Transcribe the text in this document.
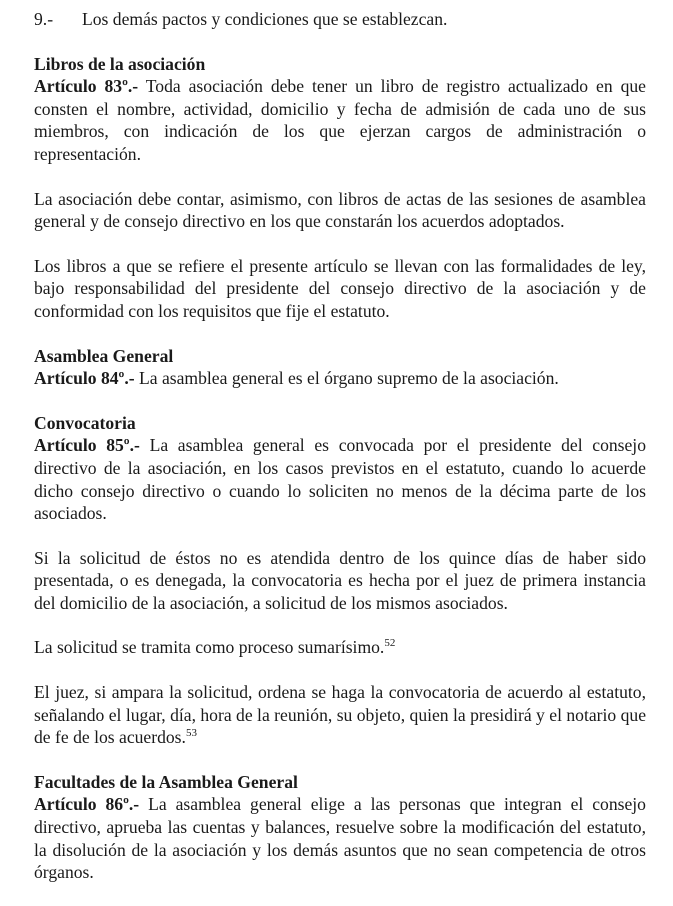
9.-	Los demás pactos y condiciones que se establezcan.
Libros de la asociación

Artículo 83º.- Toda asociación debe tener un libro de registro actualizado en que consten el nombre, actividad, domicilio y fecha de admisión de cada uno de sus miembros, con indicación de los que ejerzan cargos de administración o representación.

La asociación debe contar, asimismo, con libros de actas de las sesiones de asamblea general y de consejo directivo en los que constarán los acuerdos adoptados.

Los libros a que se refiere el presente artículo se llevan con las formalidades de ley, bajo responsabilidad del presidente del consejo directivo de la asociación y de conformidad con los requisitos que fije el estatuto.

Asamblea General

Artículo 84º.- La asamblea general es el órgano supremo de la asociación.

Convocatoria

Artículo 85º.- La asamblea general es convocada por el presidente del consejo directivo de la asociación, en los casos previstos en el estatuto, cuando lo acuerde dicho consejo directivo o cuando lo soliciten no menos de la décima parte de los asociados.

Si la solicitud de éstos no es atendida dentro de los quince días de haber sido presentada, o es denegada, la convocatoria es hecha por el juez de primera instancia del domicilio de la asociación, a solicitud de los mismos asociados.

La solicitud se tramita como proceso sumarísimo.$^{52}$

El juez, si ampara la solicitud, ordena se haga la convocatoria de acuerdo al estatuto, señalando el lugar, día, hora de la reunión, su objeto, quien la presidirá y el notario que de fe de los acuerdos.$^{53}$

Facultades de la Asamblea General

Artículo 86º.- La asamblea general elige a las personas que integran el consejo directivo, aprueba las cuentas y balances, resuelve sobre la modificación del estatuto, la disolución de la asociación y los demás asuntos que no sean competencia de otros órganos.
